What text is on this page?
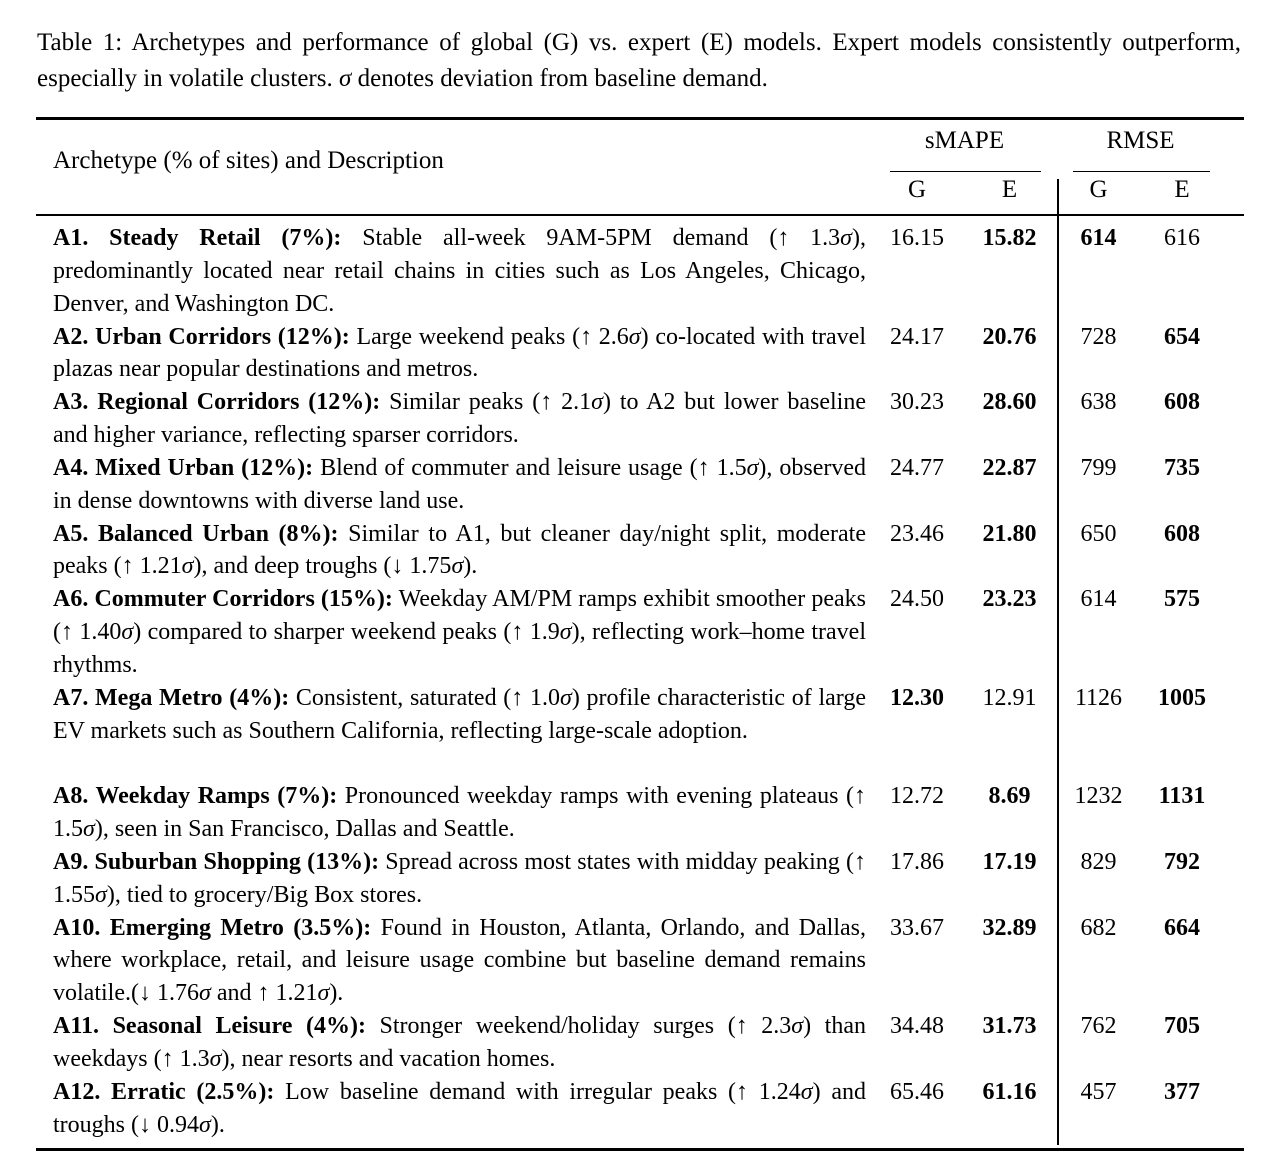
Table 1: Archetypes and performance of global (G) vs. expert (E) models. Expert models consistently outperform, especially in volatile clusters. σ denotes deviation from baseline demand.
Archetype (% of sites) and Description
sMAPE	RMSE
G	E	G	E
A1. Steady Retail (7%): Stable all-week 9AM-5PM demand (↑ 1.3σ), predominantly located near retail chains in cities such as Los Angeles, Chicago, Denver, and Washington DC.
16.15	15.82	614	616
A2. Urban Corridors (12%): Large weekend peaks (↑ 2.6σ) co-located with travel plazas near popular destinations and metros.
24.17	20.76	728	654
A3. Regional Corridors (12%): Similar peaks (↑ 2.1σ) to A2 but lower baseline and higher variance, reflecting sparser corridors.
30.23	28.60	638	608
A4. Mixed Urban (12%): Blend of commuter and leisure usage (↑ 1.5σ), observed in dense downtowns with diverse land use.
24.77	22.87	799	735
A5. Balanced Urban (8%): Similar to A1, but cleaner day/night split, moderate peaks (↑ 1.21σ), and deep troughs (↓ 1.75σ).
23.46	21.80	650	608
A6. Commuter Corridors (15%): Weekday AM/PM ramps exhibit smoother peaks (↑ 1.40σ) compared to sharper weekend peaks (↑ 1.9σ), reflecting work–home travel rhythms.
24.50	23.23	614	575
A7. Mega Metro (4%): Consistent, saturated (↑ 1.0σ) profile characteristic of large EV markets such as Southern California, reflecting large-scale adoption.
12.30	12.91	1126	1005
A8. Weekday Ramps (7%): Pronounced weekday ramps with evening plateaus (↑ 1.5σ), seen in San Francisco, Dallas and Seattle.
12.72	8.69	1232	1131
A9. Suburban Shopping (13%): Spread across most states with midday peaking (↑ 1.55σ), tied to grocery/Big Box stores.
17.86	17.19	829	792
A10. Emerging Metro (3.5%): Found in Houston, Atlanta, Orlando, and Dallas, where workplace, retail, and leisure usage combine but baseline demand remains volatile.(↓ 1.76σ and ↑ 1.21σ).
33.67	32.89	682	664
A11. Seasonal Leisure (4%): Stronger weekend/holiday surges (↑ 2.3σ) than weekdays (↑ 1.3σ), near resorts and vacation homes.
34.48	31.73	762	705
A12. Erratic (2.5%): Low baseline demand with irregular peaks (↑ 1.24σ) and troughs (↓ 0.94σ).
65.46	61.16	457	377
